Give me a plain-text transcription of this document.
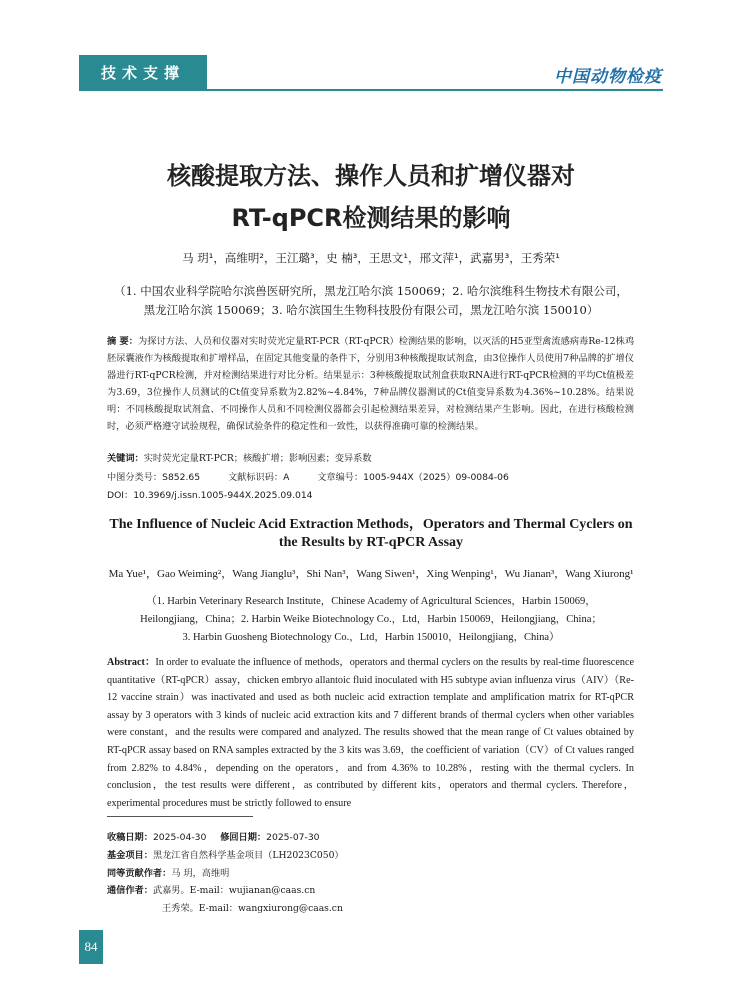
技术支撑	中国动物检疫
核酸提取方法、操作人员和扩增仪器对
RT-qPCR检测结果的影响
马 玥¹，高维明²，王江璐³，史 楠³，王思文¹，邢文萍¹，武嘉男³，王秀荣¹
（1. 中国农业科学院哈尔滨兽医研究所，黑龙江哈尔滨 150069；2. 哈尔滨维科生物技术有限公司，
黑龙江哈尔滨 150069；3. 哈尔滨国生生物科技股份有限公司，黑龙江哈尔滨 150010）
摘 要：为探讨方法、人员和仪器对实时荧光定量RT-PCR（RT-qPCR）检测结果的影响，以灭活的H5亚型禽流感病毒Re-12株鸡胚尿囊液作为核酸提取和扩增样品，在固定其他变量的条件下，分别用3种核酸提取试剂盒，由3位操作人员使用7种品牌的扩增仪器进行RT-qPCR检测，并对检测结果进行对比分析。结果显示：3种核酸提取试剂盒获取RNA进行RT-qPCR检测的平均Ct值极差为3.69，3位操作人员测试的Ct值变异系数为2.82%~4.84%，7种品牌仪器测试的Ct值变异系数为4.36%~10.28%。结果说明：不同核酸提取试剂盒、不同操作人员和不同检测仪器都会引起检测结果差异，对检测结果产生影响。因此，在进行核酸检测时，必须严格遵守试验规程，确保试验条件的稳定性和一致性，以获得准确可靠的检测结果。
关键词：实时荧光定量RT-PCR；核酸扩增；影响因素；变异系数
中图分类号：S852.65	文献标识码：A	文章编号：1005-944X（2025）09-0084-06
DOI：10.3969/j.issn.1005-944X.2025.09.014
The Influence of Nucleic Acid Extraction Methods，Operators and Thermal Cyclers on
the Results by RT-qPCR Assay
Ma Yue¹，Gao Weiming²，Wang Jianglu³，Shi Nan³，Wang Siwen¹，Xing Wenping¹，Wu Jianan³，Wang Xiurong¹
（1. Harbin Veterinary Research Institute，Chinese Academy of Agricultural Sciences，Harbin 150069，
Heilongjiang，China；2. Harbin Weike Biotechnology Co.，Ltd，Harbin 150069，Heilongjiang，China；
3. Harbin Guosheng Biotechnology Co.，Ltd，Harbin 150010，Heilongjiang，China）
Abstract：In order to evaluate the influence of methods，operators and thermal cyclers on the results by real-time fluorescence quantitative（RT-qPCR）assay，chicken embryo allantoic fluid inoculated with H5 subtype avian influenza virus（AIV）（Re-12 vaccine strain）was inactivated and used as both nucleic acid extraction template and amplification matrix for RT-qPCR assay by 3 operators with 3 kinds of nucleic acid extraction kits and 7 different brands of thermal cyclers when other variables were constant，and the results were compared and analyzed. The results showed that the mean range of Ct values obtained by RT-qPCR assay based on RNA samples extracted by the 3 kits was 3.69，the coefficient of variation（CV）of Ct values ranged from 2.82% to 4.84%，depending on the operators，and from 4.36% to 10.28%，resting with the thermal cyclers. In conclusion，the test results were different，as contributed by different kits，operators and thermal cyclers. Therefore，experimental procedures must be strictly followed to ensure
收稿日期：2025-04-30 修回日期：2025-07-30
基金项目：黑龙江省自然科学基金项目（LH2023C050）
同等贡献作者：马 玥，高维明
通信作者：武嘉男。E-mail：wujianan@caas.cn
王秀荣。E-mail：wangxiurong@caas.cn
84
